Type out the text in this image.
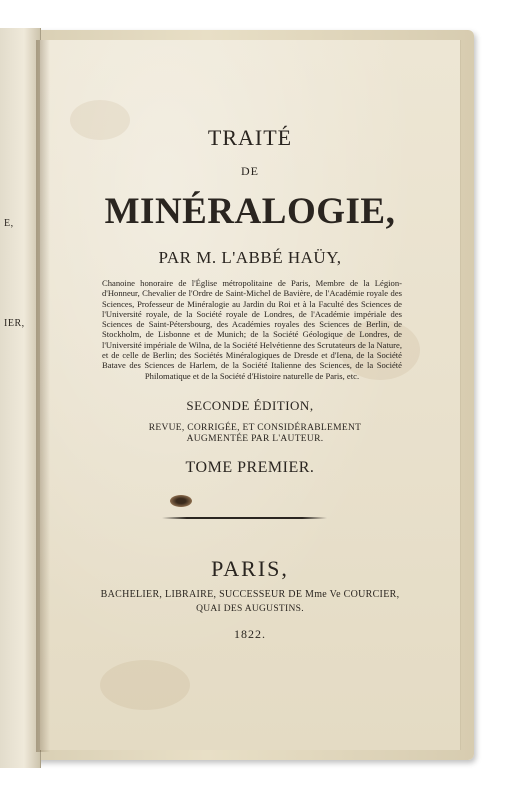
IER,
E,
TRAITÉ
DE
MINÉRALOGIE,
PAR M. L'ABBÉ HAÜY,
Chanoine honoraire de l'Église métropolitaine de Paris, Membre de la Légion-d'Honneur, Chevalier de l'Ordre de Saint-Michel de Bavière, de l'Académie royale des Sciences, Professeur de Minéralogie au Jardin du Roi et à la Faculté des Sciences de l'Université royale, de la Société royale de Londres, de l'Académie impériale des Sciences de Saint-Pétersbourg, des Académies royales des Sciences de Berlin, de Stockholm, de Lisbonne et de Munich; de la Société Géologique de Londres, de l'Université impériale de Wilna, de la Société Helvétienne des Scrutateurs de la Nature, et de celle de Berlin; des Sociétés Minéralogiques de Dresde et d'Iena, de la Société Batave des Sciences de Harlem, de la Société Italienne des Sciences, de la Société Philomatique et de la Société d'Histoire naturelle de Paris, etc.
SECONDE ÉDITION,
REVUE, CORRIGÉE, ET CONSIDÉRABLEMENT AUGMENTÉE PAR L'AUTEUR.
TOME PREMIER.
PARIS,
BACHELIER, LIBRAIRE, SUCCESSEUR DE Mme Ve COURCIER,
QUAI DES AUGUSTINS.
1822.
